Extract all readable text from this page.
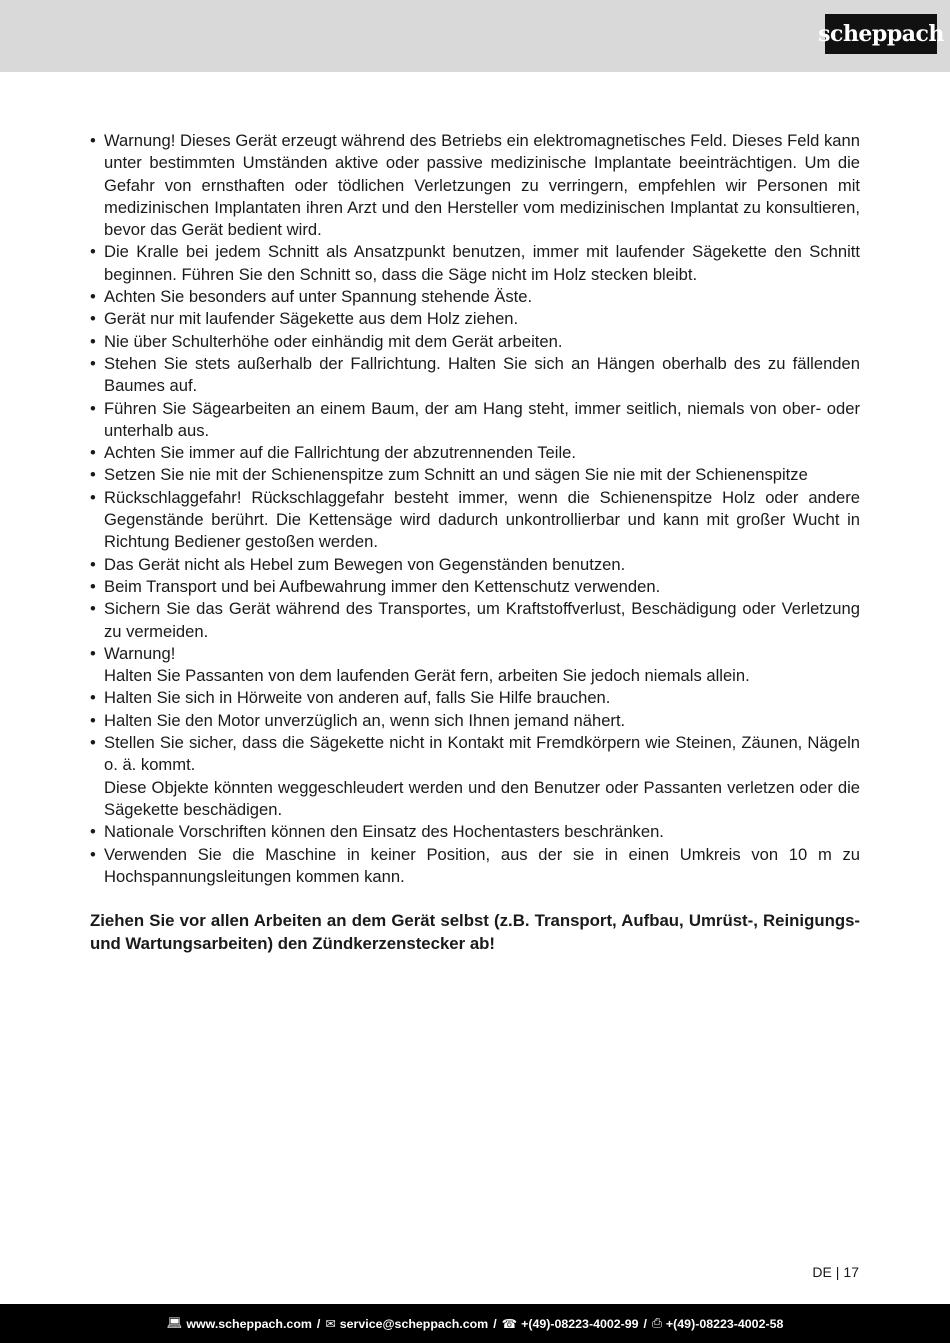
scheppach
• Warnung! Dieses Gerät erzeugt während des Betriebs ein elektromagnetisches Feld. Dieses Feld kann unter bestimmten Umständen aktive oder passive medizinische Implantate beeinträchtigen. Um die Gefahr von ernsthaften oder tödlichen Verletzungen zu verringern, empfehlen wir Personen mit medizinischen Implantaten ihren Arzt und den Hersteller vom medizinischen Implantat zu konsultieren, bevor das Gerät bedient wird.
• Die Kralle bei jedem Schnitt als Ansatzpunkt benutzen, immer mit laufender Sägekette den Schnitt beginnen. Führen Sie den Schnitt so, dass die Säge nicht im Holz stecken bleibt.
• Achten Sie besonders auf unter Spannung stehende Äste.
• Gerät nur mit laufender Sägekette aus dem Holz ziehen.
• Nie über Schulterhöhe oder einhändig mit dem Gerät arbeiten.
• Stehen Sie stets außerhalb der Fallrichtung. Halten Sie sich an Hängen oberhalb des zu fällenden Baumes auf.
• Führen Sie Sägearbeiten an einem Baum, der am Hang steht, immer seitlich, niemals von ober- oder unterhalb aus.
• Achten Sie immer auf die Fallrichtung der abzutrennenden Teile.
• Setzen Sie nie mit der Schienenspitze zum Schnitt an und sägen Sie nie mit der Schienenspitze
• Rückschlaggefahr! Rückschlaggefahr besteht immer, wenn die Schienenspitze Holz oder andere Gegenstände berührt. Die Kettensäge wird dadurch unkontrollierbar und kann mit großer Wucht in Richtung Bediener gestoßen werden.
• Das Gerät nicht als Hebel zum Bewegen von Gegenständen benutzen.
• Beim Transport und bei Aufbewahrung immer den Kettenschutz verwenden.
• Sichern Sie das Gerät während des Transportes, um Kraftstoffverlust, Beschädigung oder Verletzung zu vermeiden.
• Warnung!
Halten Sie Passanten von dem laufenden Gerät fern, arbeiten Sie jedoch niemals allein.
• Halten Sie sich in Hörweite von anderen auf, falls Sie Hilfe brauchen.
• Halten Sie den Motor unverzüglich an, wenn sich Ihnen jemand nähert.
• Stellen Sie sicher, dass die Sägekette nicht in Kontakt mit Fremdkörpern wie Steinen, Zäunen, Nägeln o. ä. kommt.
Diese Objekte könnten weggeschleudert werden und den Benutzer oder Passanten verletzen oder die Sägekette beschädigen.
• Nationale Vorschriften können den Einsatz des Hochentasters beschränken.
• Verwenden Sie die Maschine in keiner Position, aus der sie in einen Umkreis von 10 m zu Hochspannungsleitungen kommen kann.
Ziehen Sie vor allen Arbeiten an dem Gerät selbst (z.B. Transport, Aufbau, Umrüst-, Reinigungs- und Wartungsarbeiten) den Zündkerzenstecker ab!
DE | 17
💻︎ www.scheppach.com / ✉ service@scheppach.com / ☎ +(49)-08223-4002-99 / ⎙ +(49)-08223-4002-58
